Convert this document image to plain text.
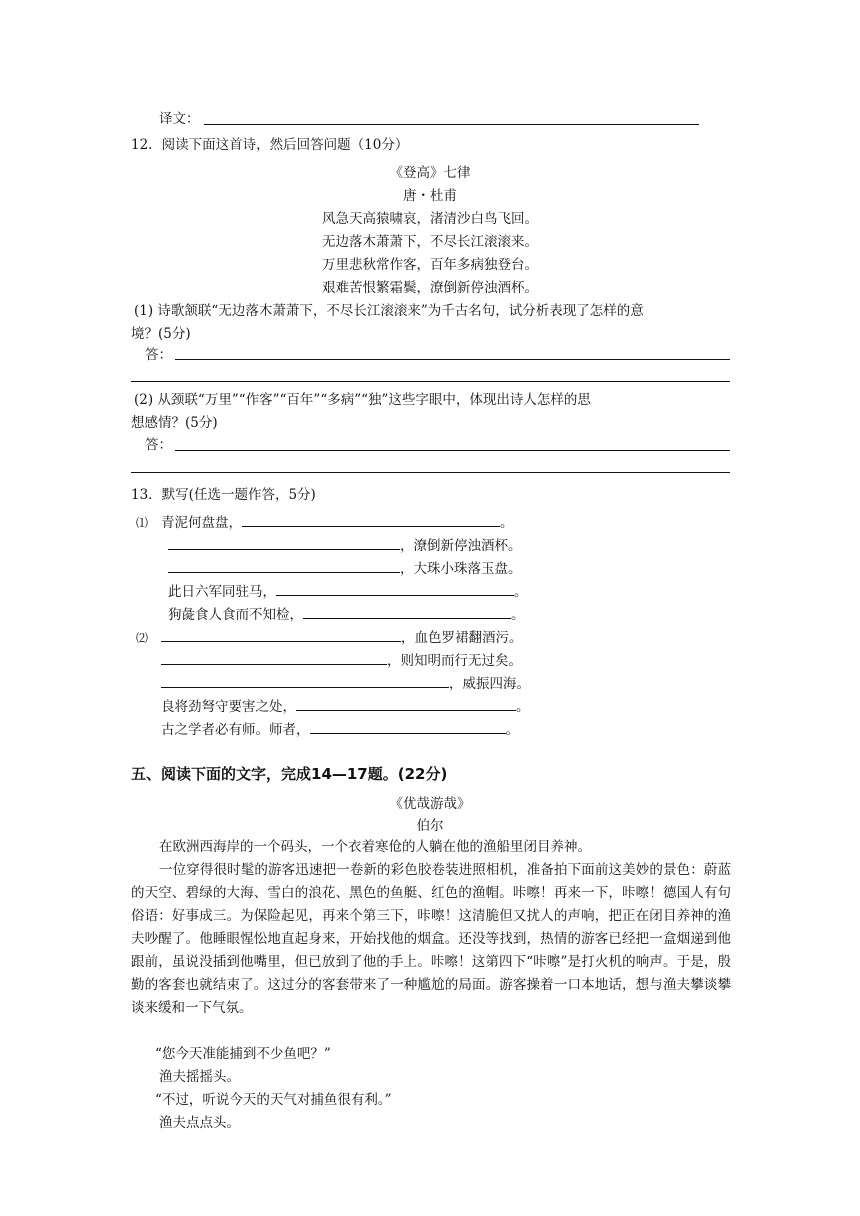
译文：
12．阅读下面这首诗，然后回答问题（10分）
《登高》七律
唐・杜甫
风急天高猿啸哀，渚清沙白鸟飞回。
无边落木萧萧下，不尽长江滚滚来。
万里悲秋常作客，百年多病独登台。
艰难苦恨繁霜鬓，潦倒新停浊酒杯。
(1) 诗歌颔联“无边落木萧萧下，不尽长江滚滚来”为千古名句，试分析表现了怎样的意
境？(5分)
答：
(2) 从颈联“万里”“作客”“百年”“多病”“独”这些字眼中，体现出诗人怎样的思
想感情？(5分)
答：
13．默写(任选一题作答，5分)
⑴ 青泥何盘盘，	。
，潦倒新停浊酒杯。
，大珠小珠落玉盘。
此日六军同驻马，	。
狗彘食人食而不知检，	。
⑵	，血色罗裙翻酒污。
，则知明而行无过矣。
，威振四海。
良将劲弩守要害之处，	。
古之学者必有师。师者，	。
五、阅读下面的文字，完成14—17题。(22分)
《优哉游哉》
伯尔

在欧洲西海岸的一个码头，一个衣着寒伧的人躺在他的渔船里闭目养神。

一位穿得很时髦的游客迅速把一卷新的彩色胶卷装进照相机，准备拍下面前这美妙的景色：蔚蓝的天空、碧绿的大海、雪白的浪花、黑色的鱼艇、红色的渔帽。咔嚓！再来一下，咔嚓！德国人有句俗语：好事成三。为保险起见，再来个第三下，咔嚓！这清脆但又扰人的声响，把正在闭目养神的渔夫吵醒了。他睡眼惺忪地直起身来，开始找他的烟盒。还没等找到，热情的游客已经把一盒烟递到他跟前，虽说没插到他嘴里，但已放到了他的手上。咔嚓！这第四下“咔嚓”是打火机的响声。于是，殷勤的客套也就结束了。这过分的客套带来了一种尴尬的局面。游客操着一口本地话，想与渔夫攀谈攀谈来缓和一下气氛。

“您今天准能捕到不少鱼吧？”

渔夫摇摇头。

“不过，听说今天的天气对捕鱼很有利。”

渔夫点点头。
